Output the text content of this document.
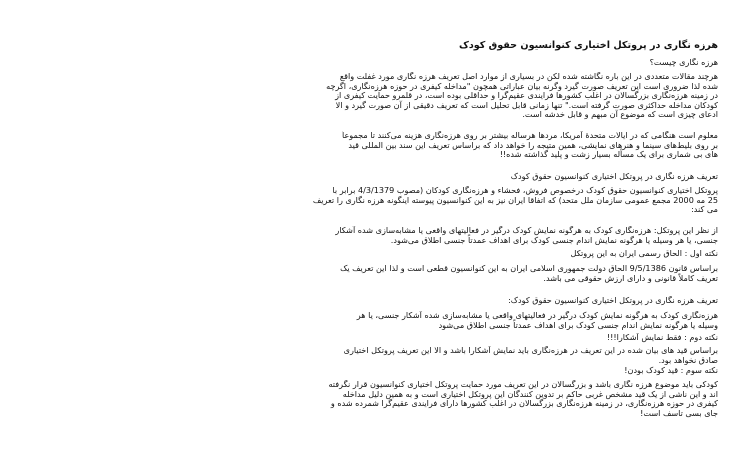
هرزه نگاری در پروتکل اختیاری کنوانسیون حقوق کودک
هرزه نگاری چیست؟
هرچند مقالات متعددی در این باره نگاشته شده لکن در بسیاری از موارد اصل تعریف هرزه نگاری مورد غفلت واقع
شده لذا ضروری است این تعریف صورت گیرد وگرنه بیان عباراتی همچون "مداخله کیفری در حوزه هرزه‌نگاری، اگرچه
در زمینه هرزه‌نگاری بزرگسالان در اغلب کشورها فرایندی عقیم‌گرا و حداقلی بوده است، در قلمرو حمایت کیفری از
کودکان مداخله حداکثری صورت گرفته است." تنها زمانی قابل تحلیل است که تعریف دقیقی از آن صورت گیرد و الا
ادعای چیزی است که موضوع آن مبهم و قابل خدشه است.
معلوم است هنگامی که در ایالات متحدهٔ آمریکا، مردها هرساله بیشتر بر روی هرزه‌نگاری هزینه می‌کنند تا مجموعاً
بر روی بلیط‌های سینما و هنرهای نمایشی، همین متیجه را خواهد داد که براساس تعریف این سند بین المللی قید
های بی شماری برای یک مسأله بسیار زشت و پلید گذاشته شده!!
تعریف هرزه نگاری در پروتکل اختیاری کنوانسیون حقوق کودک
پروتکل اختیاری کنوانسیون حقوق کودک درخصوص فروش، فحشاء و هرزه‌نگاری کودکان (مصوب 4/3/1379 برابر با
25 مه 2000 مجمع عمومی سازمان ملل متحد) که اتفاقا ایران نیز به این کنوانسیون پیوسته اینگونه هرزه نگاری را تعریف
می کند:
از نظر این پروتکل: هرزه‌نگاری کودک به هرگونه نمایش کودک درگیر در فعالیتهای واقعی یا مشابه‌سازی شده آشکار
جنسی، یا هر وسیله یا هرگونه نمایش اندام جنسی کودک برای اهداف عمدتاً جنسی اطلاق می‌شود.
نکته اول : الحاق رسمی ایران به این پروتکل
براساس قانون 9/5/1386 الحاق دولت جمهوری اسلامی ایران به این کنوانسیون قطعی است و لذا این تعریف یک
تعریف کاملاً قانونی و دارای ارزش حقوقی می باشد.
تعریف هرزه نگاری در پروتکل اختیاری کنوانسیون حقوق کودک:
هرزه‌نگاری کودک به هرگونه نمایش کودک درگیر در فعالیتهای واقعی یا مشابه‌سازی شده آشکار جنسی، یا هر
وسیله یا هرگونه نمایش اندام جنسی کودک برای اهداف عمدتاً جنسی اطلاق می‌شود
نکته دوم : فقط نمایش آشکارا!!!
براساس قید های بیان شده در این تعریف در هرزه‌نگاری باید نمایش آشکارا باشد و الا این تعریف پروتکل اختیاری
صادق نخواهد بود.
نکته سوم : قید کودک بودن!
کودکی باید موضوع هرزه نگاری باشد و بزرگسالان در این تعریف مورد حمایت پروتکل اختیاری کنوانسیون قرار نگرفته
اند و این ناشی از یک قید مشخص غربی حاکم بر تدوین کنندگان این پروتکل اختیاری است و به همین دلیل مداخله
کیفری در حوزه هرزه‌نگاری، در زمینه هرزه‌نگاری بزرگسالان در اغلب کشورها دارای فرایندی عقیم‌گرا شمرده شده و
جای بسی تاسف است!
